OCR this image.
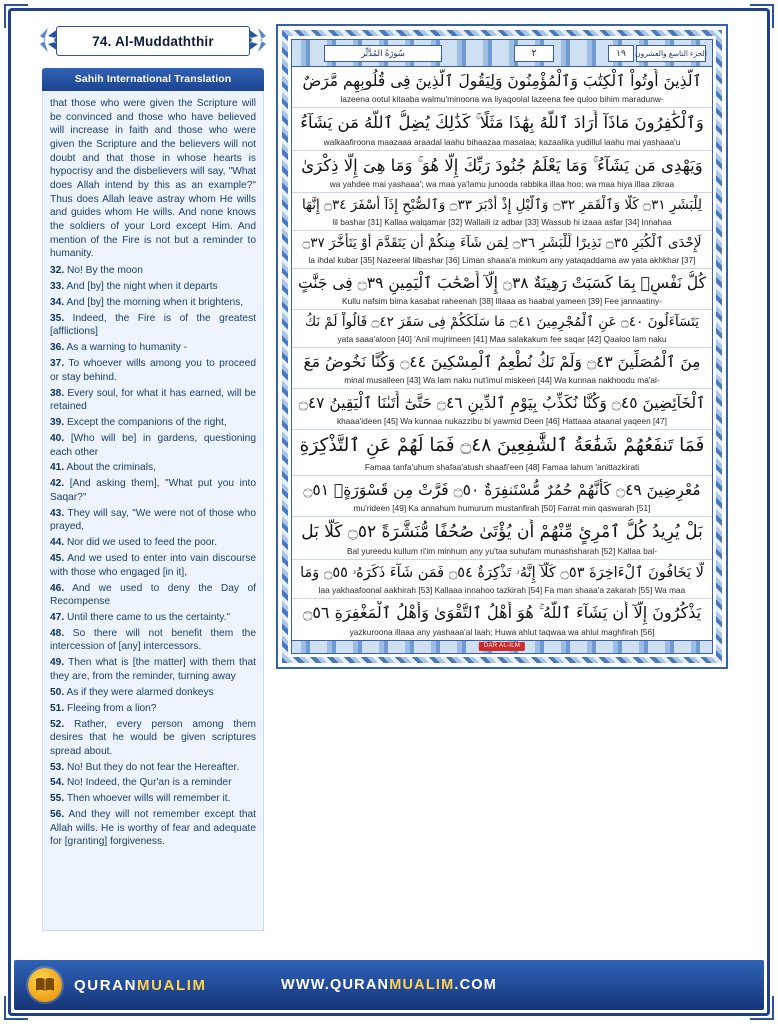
74. Al-Muddaththir
Sahih International Translation

that those who were given the Scripture will be convinced and those who have believed will increase in faith and those who were given the Scripture and the believers will not doubt and that those in whose hearts is hypocrisy and the disbelievers will say, "What does Allah intend by this as an example?" Thus does Allah leave astray whom He wills and guides whom He wills. And none knows the soldiers of your Lord except Him. And mention of the Fire is not but a reminder to humanity.

32. No! By the moon

33. And [by] the night when it departs

34. And [by] the morning when it brightens,

35. Indeed, the Fire is of the greatest [afflictions]

36. As a warning to humanity -

37. To whoever wills among you to proceed or stay behind.

38. Every soul, for what it has earned, will be retained

39. Except the companions of the right,

40. [Who will be] in gardens, questioning each other

41. About the criminals,

42. [And asking them], "What put you into Saqar?"

43. They will say, "We were not of those who prayed,

44. Nor did we used to feed the poor.

45. And we used to enter into vain discourse with those who engaged [in it],

46. And we used to deny the Day of Recompense

47. Until there came to us the certainty."

48. So there will not benefit them the intercession of [any] intercessors.

49. Then what is [the matter] with them that they are, from the reminder, turning away

50. As if they were alarmed donkeys

51. Fleeing from a lion?

52. Rather, every person among them desires that he would be given scriptures spread about.

53. No! But they do not fear the Hereafter.

54. No! Indeed, the Qur'an is a reminder

55. Then whoever wills will remember it.

56. And they will not remember except that Allah wills. He is worthy of fear and adequate for [granting] forgiveness.

سُورَةُ المُدَّثِّر	٢	١٩	الجزء التاسع والعشرون
ٱلَّذِينَ أُوتُواْ ٱلْكِتَٰبَ وَٱلْمُؤْمِنُونَ وَلِيَقُولَ ٱلَّذِينَ فِى قُلُوبِهِم مَّرَضٌ
lazeena ootul kitaaba walmu'minoona wa liyaqoolal lazeena fee quloo bihim maradunw-
وَٱلْكَٰفِرُونَ مَاذَآ أَرَادَ ٱللَّهُ بِهَٰذَا مَثَلًا ۚ كَذَٰلِكَ يُضِلُّ ٱللَّهُ مَن يَشَآءُ
walkaafiroona maazaaa araadal laahu bihaazaa masalaa; kazaalika yudillul laahu mai yashaaa'u
وَيَهْدِى مَن يَشَآءُ ۚ وَمَا يَعْلَمُ جُنُودَ رَبِّكَ إِلَّا هُوَ ۚ وَمَا هِىَ إِلَّا ذِكْرَىٰ
wa yahdee mai yashaaa'; wa maa ya'lamu junooda rabbika illaa hoo; wa maa hiya illaa zikraa
لِلْبَشَرِ ۝٣١ كَلَّا وَٱلْقَمَرِ ۝٣٢ وَٱلَّيْلِ إِذْ أَدْبَرَ ۝٣٣ وَٱلصُّبْحِ إِذَآ أَسْفَرَ ۝٣٤ إِنَّهَا
lil bashar [31] Kallaa walqamar [32] Wallaili iz adbar [33] Wassub hi izaaa asfar [34] Innahaa
لَإِحْدَى ٱلْكُبَرِ ۝٣٥ نَذِيرًا لِّلْبَشَرِ ۝٣٦ لِمَن شَآءَ مِنكُمْ أَن يَتَقَدَّمَ أَوْ يَتَأَخَّرَ ۝٣٧
la ihdal kubar [35] Nazeeral lilbashar [36] Liman shaaa'a minkum any yataqaddama aw yata akhkhar [37]
كُلُّ نَفْسٍۭ بِمَا كَسَبَتْ رَهِينَةٌ ۝٣٨ إِلَّآ أَصْحَٰبَ ٱلْيَمِينِ ۝٣٩ فِى جَنَّٰتٍ
Kullu nafsim bima kasabat raheenah [38] Illaaa as haabal yameen [39] Fee jannaatiny-
يَتَسَآءَلُونَ ۝٤٠ عَنِ ٱلْمُجْرِمِينَ ۝٤١ مَا سَلَكَكُمْ فِى سَقَرَ ۝٤٢ قَالُواْ لَمْ نَكُ
yata saaa'aloon [40] 'Anil mujrimeen [41] Maa salakakum fee saqar [42] Qaaloo lam naku
مِنَ ٱلْمُصَلِّينَ ۝٤٣ وَلَمْ نَكُ نُطْعِمُ ٱلْمِسْكِينَ ۝٤٤ وَكُنَّا نَخُوضُ مَعَ
minal musalleen [43] Wa lam naku nut'imul miskeen [44] Wa kunnaa nakhoodu ma'al-
ٱلْخَآئِضِينَ ۝٤٥ وَكُنَّا نُكَذِّبُ بِيَوْمِ ٱلدِّينِ ۝٤٦ حَتَّىٰٓ أَتَىٰنَا ٱلْيَقِينُ ۝٤٧
khaaa'ideen [45] Wa kunnaa nukazzibu bi yawmid Deen [46] Hattaaa ataanal yaqeen [47]
فَمَا تَنفَعُهُمْ شَفَٰعَةُ ٱلشَّٰفِعِينَ ۝٤٨ فَمَا لَهُمْ عَنِ ٱلتَّذْكِرَةِ
Famaa tanfa'uhum shafaa'atush shaafi'een [48] Famaa lahum 'anittazkirati
مُعْرِضِينَ ۝٤٩ كَأَنَّهُمْ حُمُرٌ مُّسْتَنفِرَةٌ ۝٥٠ فَرَّتْ مِن قَسْوَرَةٍۭ ۝٥١
mu'rideen [49] Ka annahum humurum mustanfirah [50] Farrat min qaswarah [51]
بَلْ يُرِيدُ كُلُّ ٱمْرِئٍ مِّنْهُمْ أَن يُؤْتَىٰ صُحُفًا مُّنَشَّرَةً ۝٥٢ كَلَّا بَل
Bal yureedu kullum ri'im minhum any yu'taa suhufam munashsharah [52] Kallaa bal-
لَّا يَخَافُونَ ٱلْءَاخِرَةَ ۝٥٣ كَلَّآ إِنَّهُۥ تَذْكِرَةٌ ۝٥٤ فَمَن شَآءَ ذَكَرَهُۥ ۝٥٥ وَمَا
laa yakhaafoonal aakhirah [53] Kallaaa innahoo tazkirah [54] Fa man shaaa'a zakarah [55] Wa maa
يَذْكُرُونَ إِلَّآ أَن يَشَآءَ ٱللَّهُ ۚ هُوَ أَهْلُ ٱلتَّقْوَىٰ وَأَهْلُ ٱلْمَغْفِرَةِ ۝٥٦
yazkuroona illaaa any yashaaa'al laah; Huwa ahlut taqwaa wa ahlul maghfirah [56]
DAR AL-ILM
QURANMUALIM	WWW.QURANMUALIM.COM
